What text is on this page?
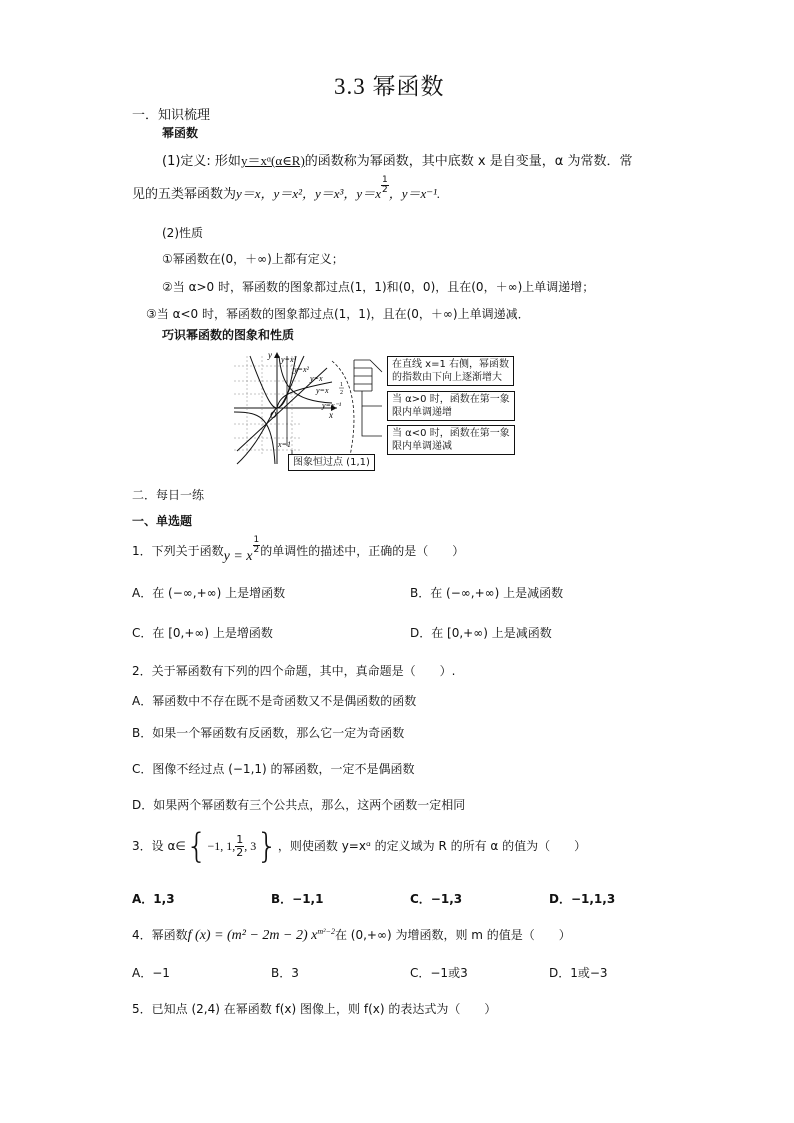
3.3 幂函数
一．知识梳理
幂函数
(1)定义: 形如y＝xᵅ(α∈R)的函数称为幂函数，其中底数 x 是自变量，α 为常数．常
见的五类幂函数为y＝x，y＝x²，y＝x³，$y=x \frac{1}{2}$ ，y＝x⁻¹.
(2)性质
①幂函数在(0，＋∞)上都有定义；
②当 α>0 时，幂函数的图象都过点(1，1)和(0，0)，且在(0，＋∞)上单调递增；
③当 α<0 时，幂函数的图象都过点(1，1)，且在(0，＋∞)上单调递减．
巧识幂函数的图象和性质
y=x³
y=x²
y=x
y=x
1
2
y=x⁻¹
x=1
O	x
y
在直线 x=1 右侧，幂函数
的指数由下向上逐渐增大
当 α>0 时，函数在第一象
限内单调递增
当 α<0 时，函数在第一象
限内单调递减
图象恒过点 (1,1)
二．每日一练
一、单选题
1．下列关于函数y = x
$\frac{1}{2}$ 的单调性的描述中，正确的是（　　）
A．在 (−∞,+∞) 上是增函数	B．在 (−∞,+∞) 上是减函数
C．在 [0,+∞) 上是增函数	D．在 [0,+∞) 上是减函数
2．关于幂函数有下列的四个命题，其中，真命题是（　　）.
A．幂函数中不存在既不是奇函数又不是偶函数的函数
B．如果一个幂函数有反函数，那么它一定为奇函数
C．图像不经过点 (−1,1) 的幂函数，一定不是偶函数
D．如果两个幂函数有三个公共点，那么，这两个函数一定相同
3．设 α∈{−1, 1, $\frac{1}{2}$ , 3}，则使函数 y=xᵅ 的定义域为 R 的所有 α 的值为（　　）
A．1,3	B．−1,1	C．−1,3	D．−1,1,3
4．幂函数f (x) = (m² − 2m − 2) $x^{m^2-2}$在 (0,+∞) 为增函数，则 m 的值是（　　）
A．−1	B．3	C．−1或3	D．1或−3
5．已知点 (2,4) 在幂函数 f(x) 图像上，则 f(x) 的表达式为（　　）
